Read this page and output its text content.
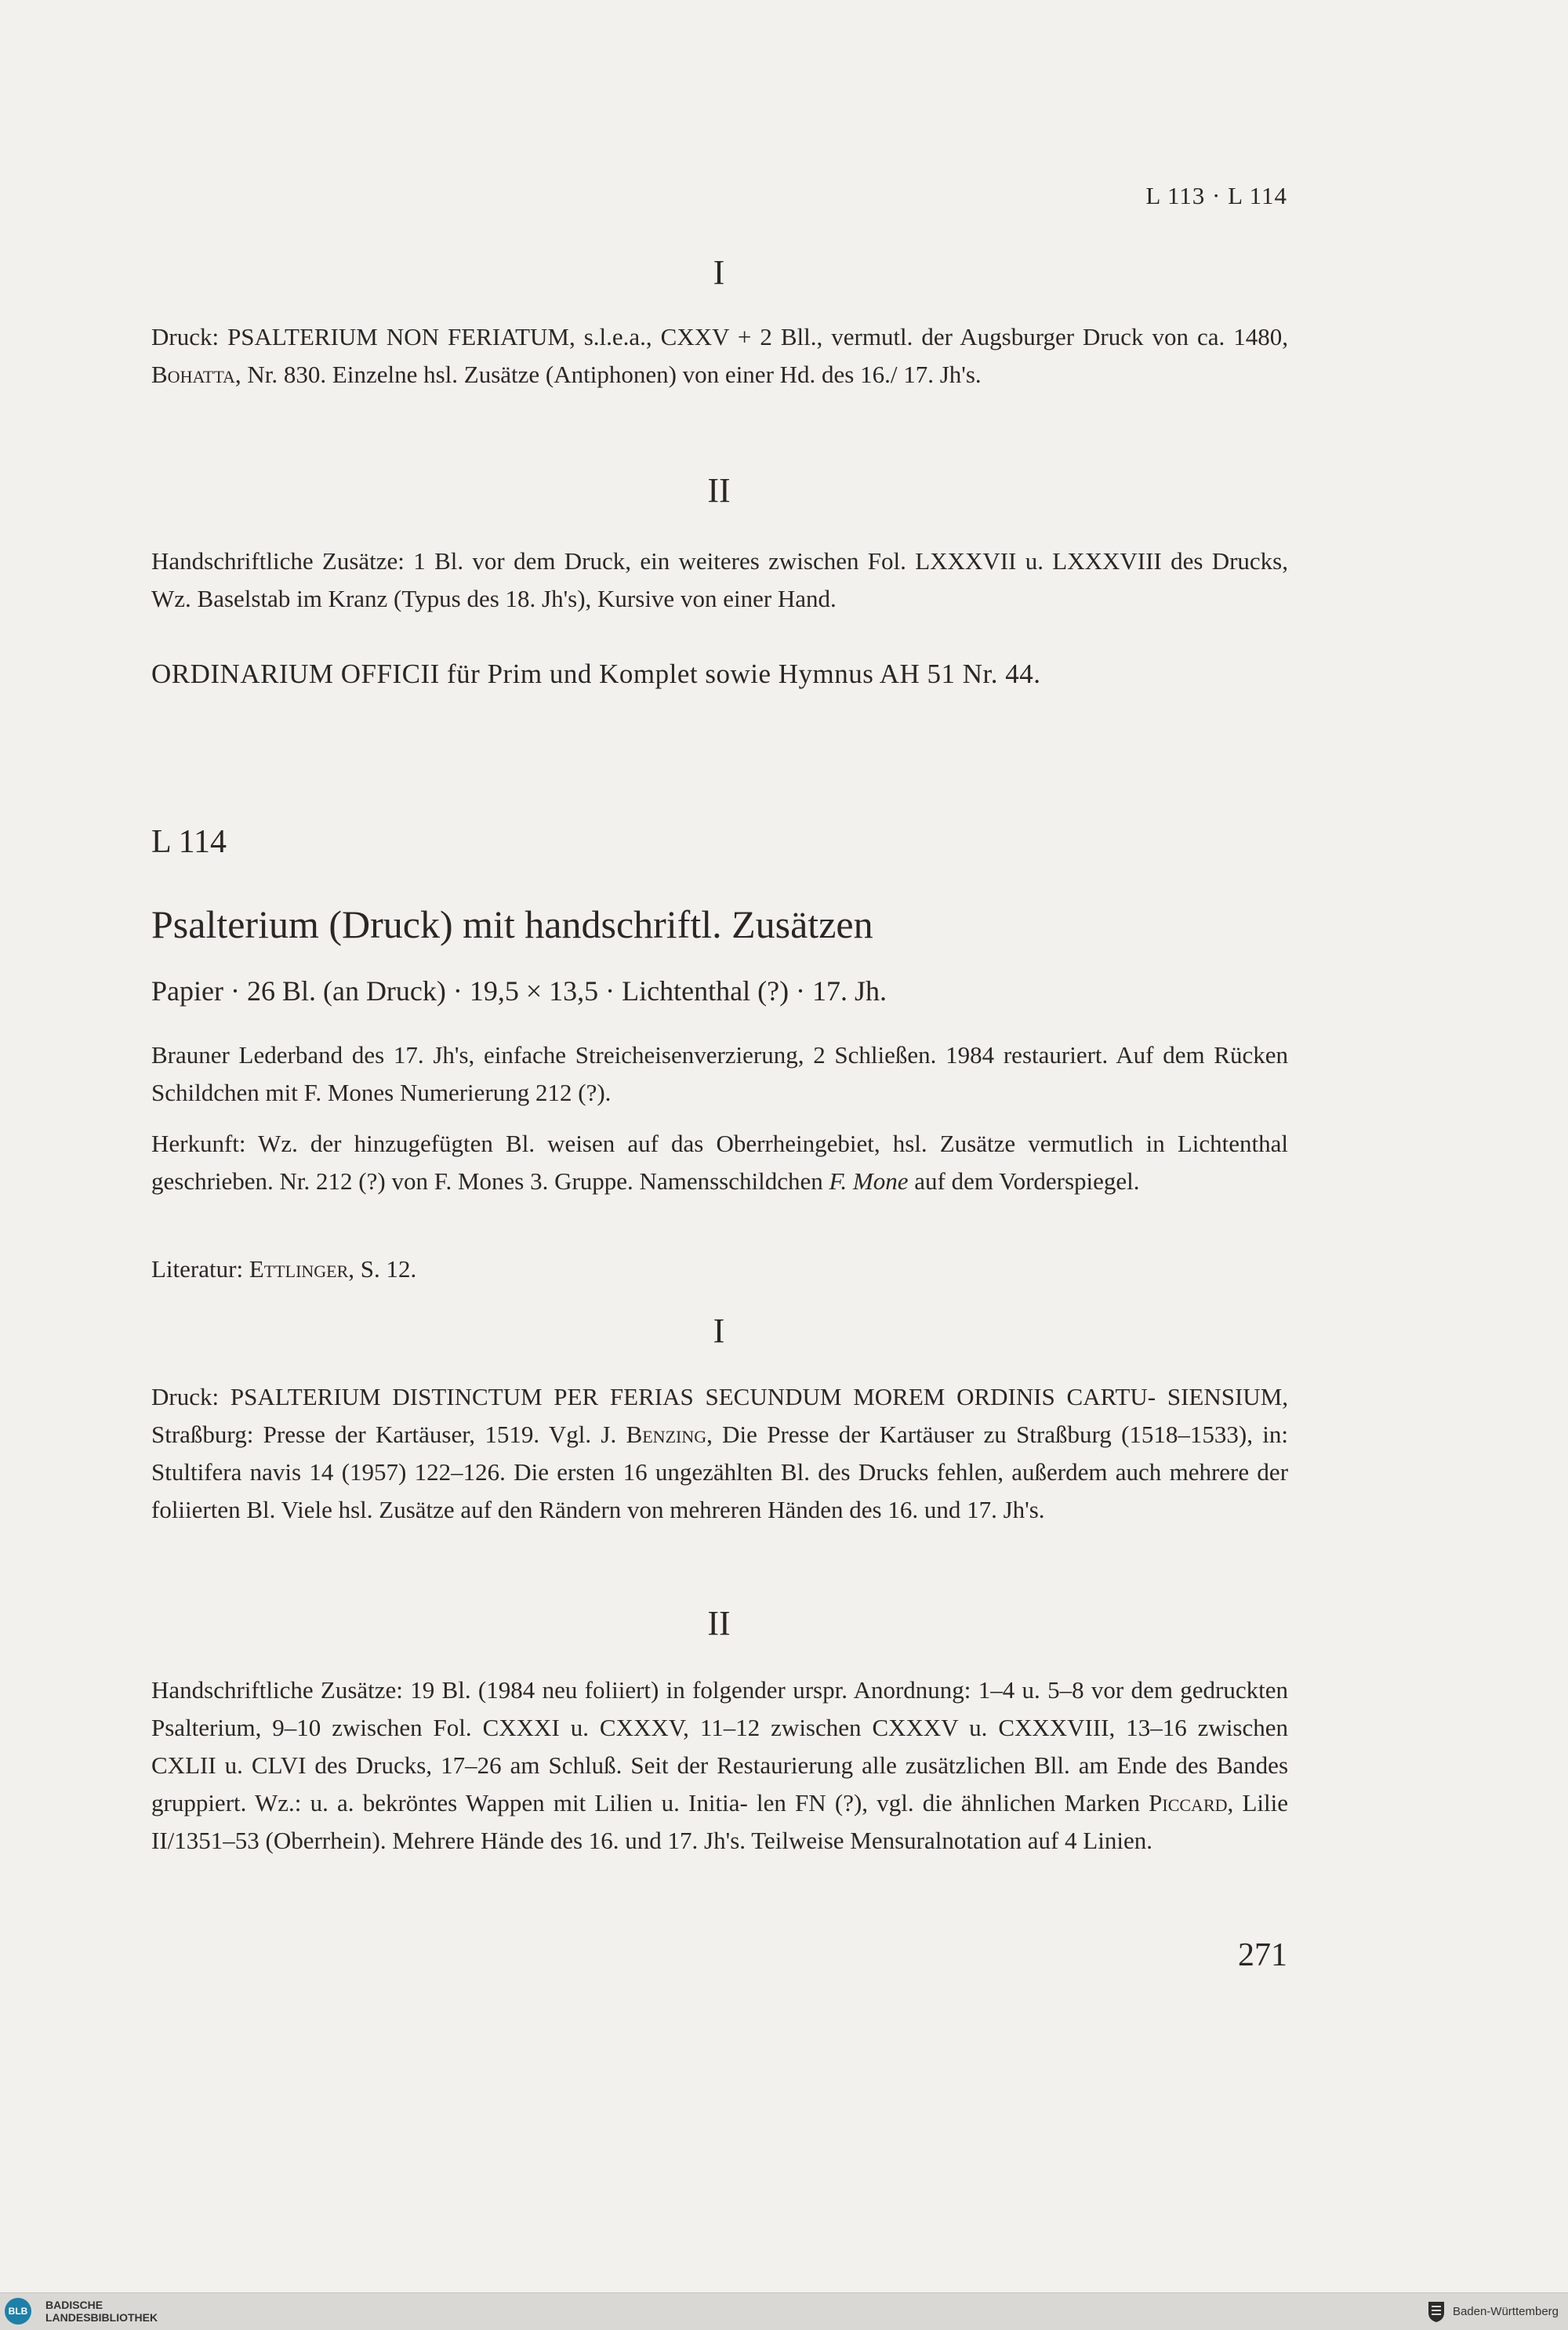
L 113 · L 114
I

Druck: PSALTERIUM NON FERIATUM, s.l.e.a., CXXV + 2 Bll., vermutl. der Augsburger Druck von ca. 1480, Bohatta, Nr. 830. Einzelne hsl. Zusätze (Antiphonen) von einer Hd. des 16./ 17. Jh's.

II

Handschriftliche Zusätze: 1 Bl. vor dem Druck, ein weiteres zwischen Fol. LXXXVII u. LXXXVIII des Drucks, Wz. Baselstab im Kranz (Typus des 18. Jh's), Kursive von einer Hand.

ORDINARIUM OFFICII für Prim und Komplet sowie Hymnus AH 51 Nr. 44.
L 114
Psalterium (Druck) mit handschriftl. Zusätzen
Papier · 26 Bl. (an Druck) · 19,5 × 13,5 · Lichtenthal (?) · 17. Jh.

Brauner Lederband des 17. Jh's, einfache Streicheisenverzierung, 2 Schließen. 1984 restauriert. Auf dem Rücken Schildchen mit F. Mones Numerierung 212 (?).

Herkunft: Wz. der hinzugefügten Bl. weisen auf das Oberrheingebiet, hsl. Zusätze vermutlich in Lichtenthal geschrieben. Nr. 212 (?) von F. Mones 3. Gruppe. Namensschildchen F. Mone auf dem Vorderspiegel.

Literatur: Ettlinger, S. 12.

I

Druck: PSALTERIUM DISTINCTUM PER FERIAS SECUNDUM MOREM ORDINIS CARTU- SIENSIUM, Straßburg: Presse der Kartäuser, 1519. Vgl. J. Benzing, Die Presse der Kartäuser zu Straßburg (1518–1533), in: Stultifera navis 14 (1957) 122–126. Die ersten 16 ungezählten Bl. des Drucks fehlen, außerdem auch mehrere der foliierten Bl. Viele hsl. Zusätze auf den Rändern von mehreren Händen des 16. und 17. Jh's.

II

Handschriftliche Zusätze: 19 Bl. (1984 neu foliiert) in folgender urspr. Anordnung: 1–4 u. 5–8 vor dem gedruckten Psalterium, 9–10 zwischen Fol. CXXXI u. CXXXV, 11–12 zwischen CXXXV u. CXXXVIII, 13–16 zwischen CXLII u. CLVI des Drucks, 17–26 am Schluß. Seit der Restaurierung alle zusätzlichen Bll. am Ende des Bandes gruppiert. Wz.: u. a. bekröntes Wappen mit Lilien u. Initia- len FN (?), vgl. die ähnlichen Marken Piccard, Lilie II/1351–53 (Oberrhein). Mehrere Hände des 16. und 17. Jh's. Teilweise Mensuralnotation auf 4 Linien.

271
BLB	BADISCHE
LANDESBIBLIOTHEK	Baden-Württemberg
